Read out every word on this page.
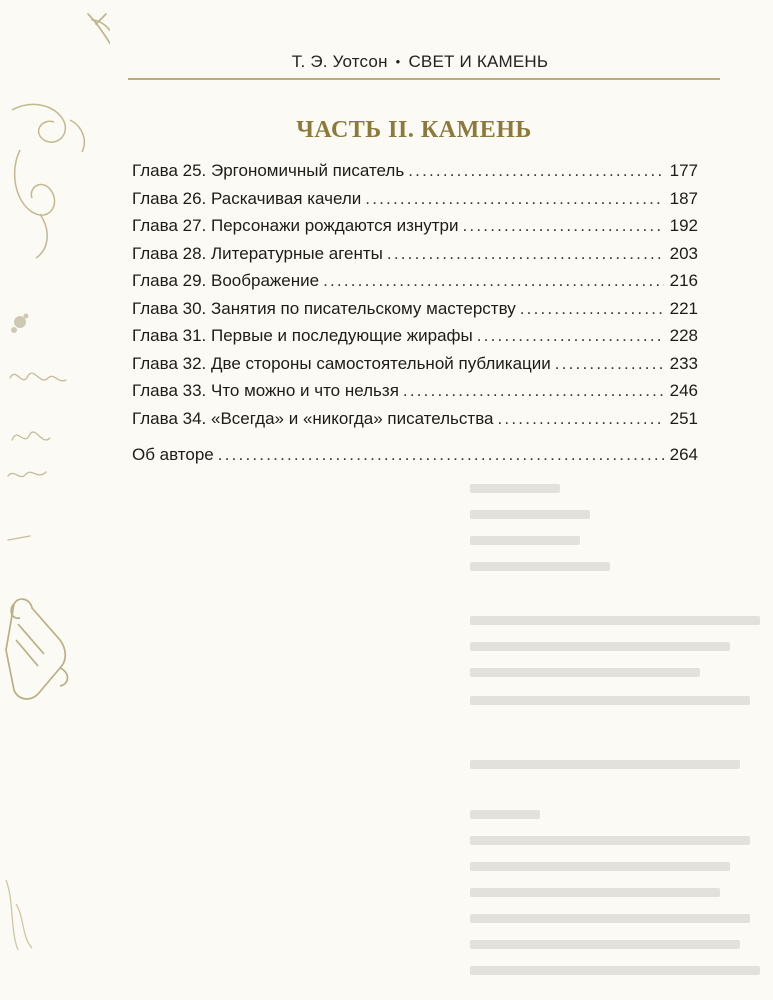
Т. Э. Уотсон • СВЕТ И КАМЕНЬ
ЧАСТЬ II. КАМЕНЬ
Глава 25. Эргономичный писатель .....	177
Глава 26. Раскачивая качели .....	187
Глава 27. Персонажи рождаются изнутри .....	192
Глава 28. Литературные агенты .....	203
Глава 29. Воображение .....	216
Глава 30. Занятия по писательскому мастерству .....	221
Глава 31. Первые и последующие жирафы .....	228
Глава 32. Две стороны самостоятельной публикации .....	233
Глава 33. Что можно и что нельзя .....	246
Глава 34. «Всегда» и «никогда» писательства .....	251
Об авторе .....	264
